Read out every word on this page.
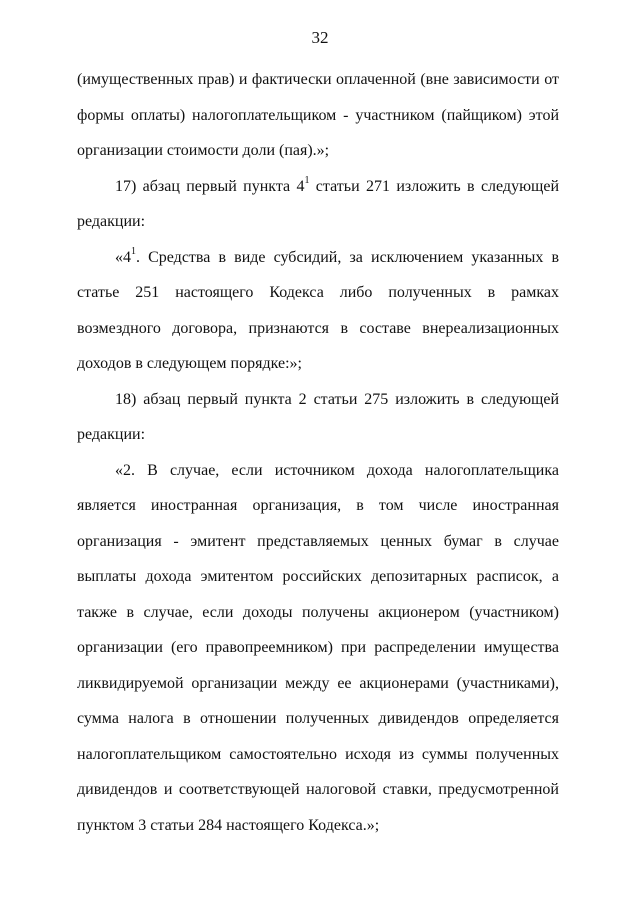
32

(имущественных прав) и фактически оплаченной (вне зависимости от формы оплаты) налогоплательщиком - участником (пайщиком) этой организации стоимости доли (пая).»;

17) абзац первый пункта $4^1$ статьи 271 изложить в следующей редакции:

«$4^1$. Средства в виде субсидий, за исключением указанных в статье 251 настоящего Кодекса либо полученных в рамках возмездного договора, признаются в составе внереализационных доходов в следующем порядке:»;

18) абзац первый пункта 2 статьи 275 изложить в следующей редакции:

«2. В случае, если источником дохода налогоплательщика является иностранная организация, в том числе иностранная организация - эмитент представляемых ценных бумаг в случае выплаты дохода эмитентом российских депозитарных расписок, а также в случае, если доходы получены акционером (участником) организации (его правопреемником) при распределении имущества ликвидируемой организации между ее акционерами (участниками), сумма налога в отношении полученных дивидендов определяется налогоплательщиком самостоятельно исходя из суммы полученных дивидендов и соответствующей налоговой ставки, предусмотренной пунктом 3 статьи 284 настоящего Кодекса.»;
